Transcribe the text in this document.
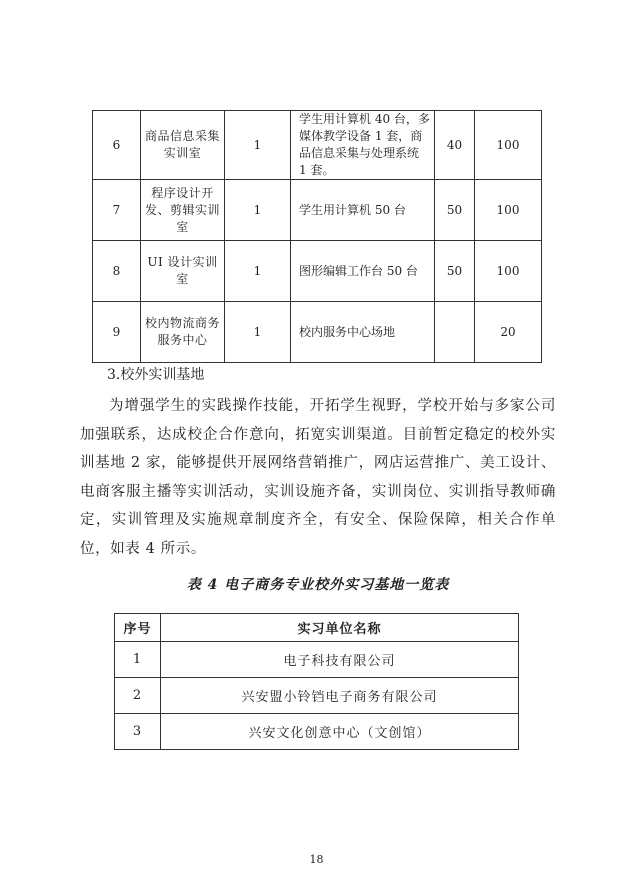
6	商品信息采集实训室	1	学生用计算机 40 台，多媒体教学设备 1 套，商品信息采集与处理系统 1 套。	40	100
7	程序设计开发、剪辑实训室	1	学生用计算机 50 台	50	100
8	UI 设计实训室	1	图形编辑工作台 50 台	50	100
9	校内物流商务服务中心	1	校内服务中心场地		20
3.校外实训基地

为增强学生的实践操作技能，开拓学生视野，学校开始与多家公司加强联系，达成校企合作意向，拓宽实训渠道。目前暂定稳定的校外实训基地 2 家，能够提供开展网络营销推广，网店运营推广、美工设计、电商客服主播等实训活动，实训设施齐备，实训岗位、实训指导教师确定，实训管理及实施规章制度齐全，有安全、保险保障，相关合作单位，如表 4 所示。

表 4 电子商务专业校外实习基地一览表
序号	实习单位名称
1	电子科技有限公司
2	兴安盟小铃铛电子商务有限公司
3	兴安文化创意中心（文创馆）
18
